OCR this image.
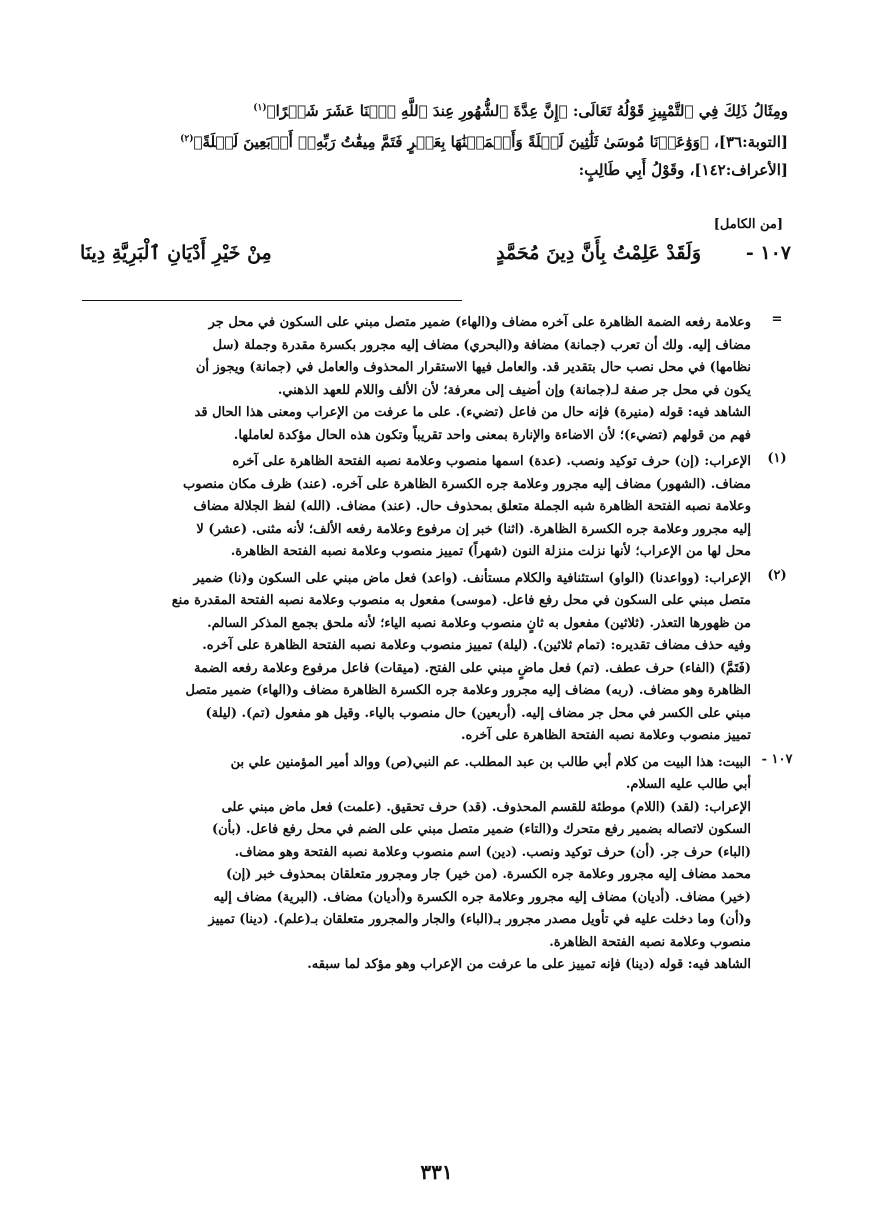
ومِثَالُ ذَلِكَ فِي ٱلتَّمْيِيزِ قَوْلُهُ تَعَالَى: ﴿إِنَّ عِدَّةَ ٱلشُّهُورِ عِندَ ٱللَّهِ ٱثۡنَا عَشَرَ شَهۡرًا﴾$^{(١)}$
[التوبة:٣٦]، ﴿وَوَٰعَدۡنَا مُوسَىٰ ثَلَٰثِينَ لَيۡلَةً وَأَتۡمَمۡنَٰهَا بِعَشۡرٍ فَتَمَّ مِيقَٰتُ رَبِّهِۦٓ أَرۡبَعِينَ لَيۡلَةً﴾$^{(٢)}$
[الأعراف:١٤٢]، وقَوْلُ أَبِي طَالِبٍ:
[من الكامل]
١٠٧ -
وَلَقَدْ عَلِمْتُ بِأَنَّ دِينَ مُحَمَّدٍ
مِنْ خَيْرِ أَدْيَانِ ٱلْبَرِيَّةِ دِينَا
=
وعلامة رفعه الضمة الظاهرة على آخره مضاف و(الهاء) ضمير متصل مبني على السكون في محل جر
مضاف إليه. ولك أن تعرب (جمانة) مضافة و(البحري) مضاف إليه مجرور بكسرة مقدرة وجملة (سل
نظامها) في محل نصب حال بتقدير قد. والعامل فيها الاستقرار المحذوف والعامل في (جمانة) ويجوز أن
يكون في محل جر صفة لـ(جمانة) وإن أضيف إلى معرفة؛ لأن الألف واللام للعهد الذهني.
الشاهد فيه: قوله (منيرة) فإنه حال من فاعل (تضيء). على ما عرفت من الإعراب ومعنى هذا الحال قد
فهم من قولهم (تضيء)؛ لأن الاضاءة والإنارة بمعنى واحد تقريباً وتكون هذه الحال مؤكدة لعاملها.
(١)
الإعراب: (إن) حرف توكيد ونصب. (عدة) اسمها منصوب وعلامة نصبه الفتحة الظاهرة على آخره
مضاف. (الشهور) مضاف إليه مجرور وعلامة جره الكسرة الظاهرة على آخره. (عند) ظرف مكان منصوب
وعلامة نصبه الفتحة الظاهرة شبه الجملة متعلق بمحذوف حال. (عند) مضاف. (الله) لفظ الجلالة مضاف
إليه مجرور وعلامة جره الكسرة الظاهرة. (اثنا) خبر إن مرفوع وعلامة رفعه الألف؛ لأنه مثنى. (عشر) لا
محل لها من الإعراب؛ لأنها نزلت منزلة النون (شهراً) تمييز منصوب وعلامة نصبه الفتحة الظاهرة.
(٢)
الإعراب: (وواعدنا) (الواو) استئنافية والكلام مستأنف. (واعد) فعل ماض مبني على السكون و(نا) ضمير
متصل مبني على السكون في محل رفع فاعل. (موسى) مفعول به منصوب وعلامة نصبه الفتحة المقدرة منع
من ظهورها التعذر. (ثلاثين) مفعول به ثانٍ منصوب وعلامة نصبه الياء؛ لأنه ملحق بجمع المذكر السالم.
وفيه حذف مضاف تقديره: (تمام ثلاثين). (ليلة) تمييز منصوب وعلامة نصبه الفتحة الظاهرة على آخره.
(فَتَمَّ) (الفاء) حرف عطف. (تم) فعل ماضٍ مبني على الفتح. (ميقات) فاعل مرفوع وعلامة رفعه الضمة
الظاهرة وهو مضاف. (ربه) مضاف إليه مجرور وعلامة جره الكسرة الظاهرة مضاف و(الهاء) ضمير متصل
مبني على الكسر في محل جر مضاف إليه. (أربعين) حال منصوب بالياء. وقيل هو مفعول (تم). (ليلة)
تمييز منصوب وعلامة نصبه الفتحة الظاهرة على آخره.
١٠٧ -
البيت: هذا البيت من كلام أبي طالب بن عبد المطلب. عم النبي(ص) ووالد أمير المؤمنين علي بن
أبي طالب عليه السلام.
الإعراب: (لقد) (اللام) موطئة للقسم المحذوف. (قد) حرف تحقيق. (علمت) فعل ماض مبني على
السكون لاتصاله بضمير رفع متحرك و(التاء) ضمير متصل مبني على الضم في محل رفع فاعل. (بأن)
(الباء) حرف جر. (أن) حرف توكيد ونصب. (دين) اسم منصوب وعلامة نصبه الفتحة وهو مضاف.
محمد مضاف إليه مجرور وعلامة جره الكسرة. (من خير) جار ومجرور متعلقان بمحذوف خبر (إن)
(خير) مضاف. (أديان) مضاف إليه مجرور وعلامة جره الكسرة و(أديان) مضاف. (البرية) مضاف إليه
و(أن) وما دخلت عليه في تأويل مصدر مجرور بـ(الباء) والجار والمجرور متعلقان بـ(علم). (دينا) تمييز
منصوب وعلامة نصبه الفتحة الظاهرة.
الشاهد فيه: قوله (دينا) فإنه تمييز على ما عرفت من الإعراب وهو مؤكد لما سبقه.
٣٣١
